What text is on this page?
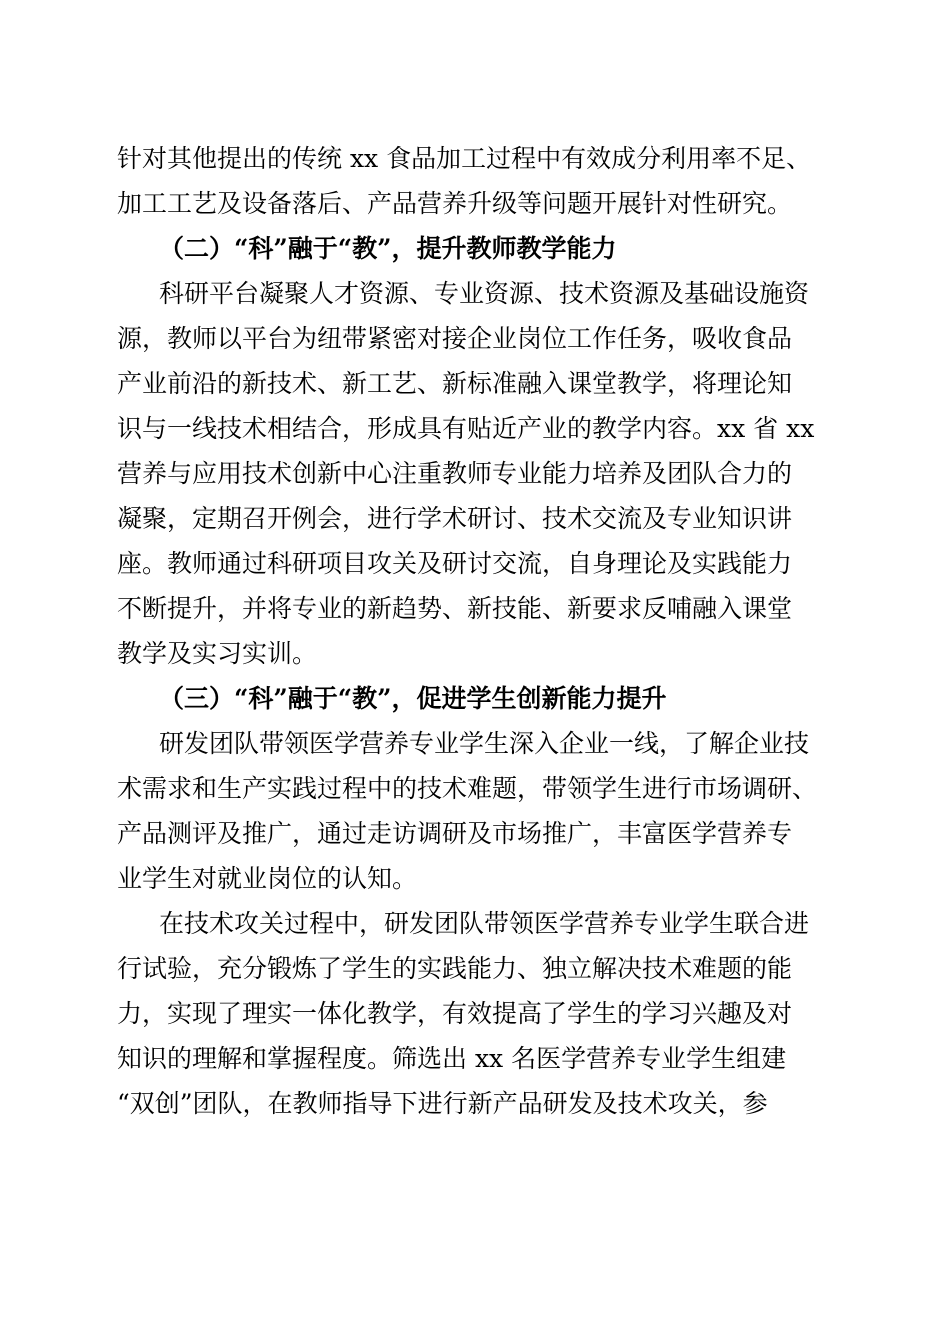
针对其他提出的传统 xx 食品加工过程中有效成分利用率不足、
加工工艺及设备落后、产品营养升级等问题开展针对性研究。
（二）“科”融于“教”，提升教师教学能力
科研平台凝聚人才资源、专业资源、技术资源及基础设施资
源，教师以平台为纽带紧密对接企业岗位工作任务，吸收食品
产业前沿的新技术、新工艺、新标准融入课堂教学，将理论知
识与一线技术相结合，形成具有贴近产业的教学内容。xx 省 xx
营养与应用技术创新中心注重教师专业能力培养及团队合力的
凝聚，定期召开例会，进行学术研讨、技术交流及专业知识讲
座。教师通过科研项目攻关及研讨交流，自身理论及实践能力
不断提升，并将专业的新趋势、新技能、新要求反哺融入课堂
教学及实习实训。
（三）“科”融于“教”，促进学生创新能力提升
研发团队带领医学营养专业学生深入企业一线，了解企业技
术需求和生产实践过程中的技术难题，带领学生进行市场调研、
产品测评及推广，通过走访调研及市场推广，丰富医学营养专
业学生对就业岗位的认知。
在技术攻关过程中，研发团队带领医学营养专业学生联合进
行试验，充分锻炼了学生的实践能力、独立解决技术难题的能
力，实现了理实一体化教学，有效提高了学生的学习兴趣及对
知识的理解和掌握程度。筛选出 xx 名医学营养专业学生组建
“双创”团队，在教师指导下进行新产品研发及技术攻关，参
